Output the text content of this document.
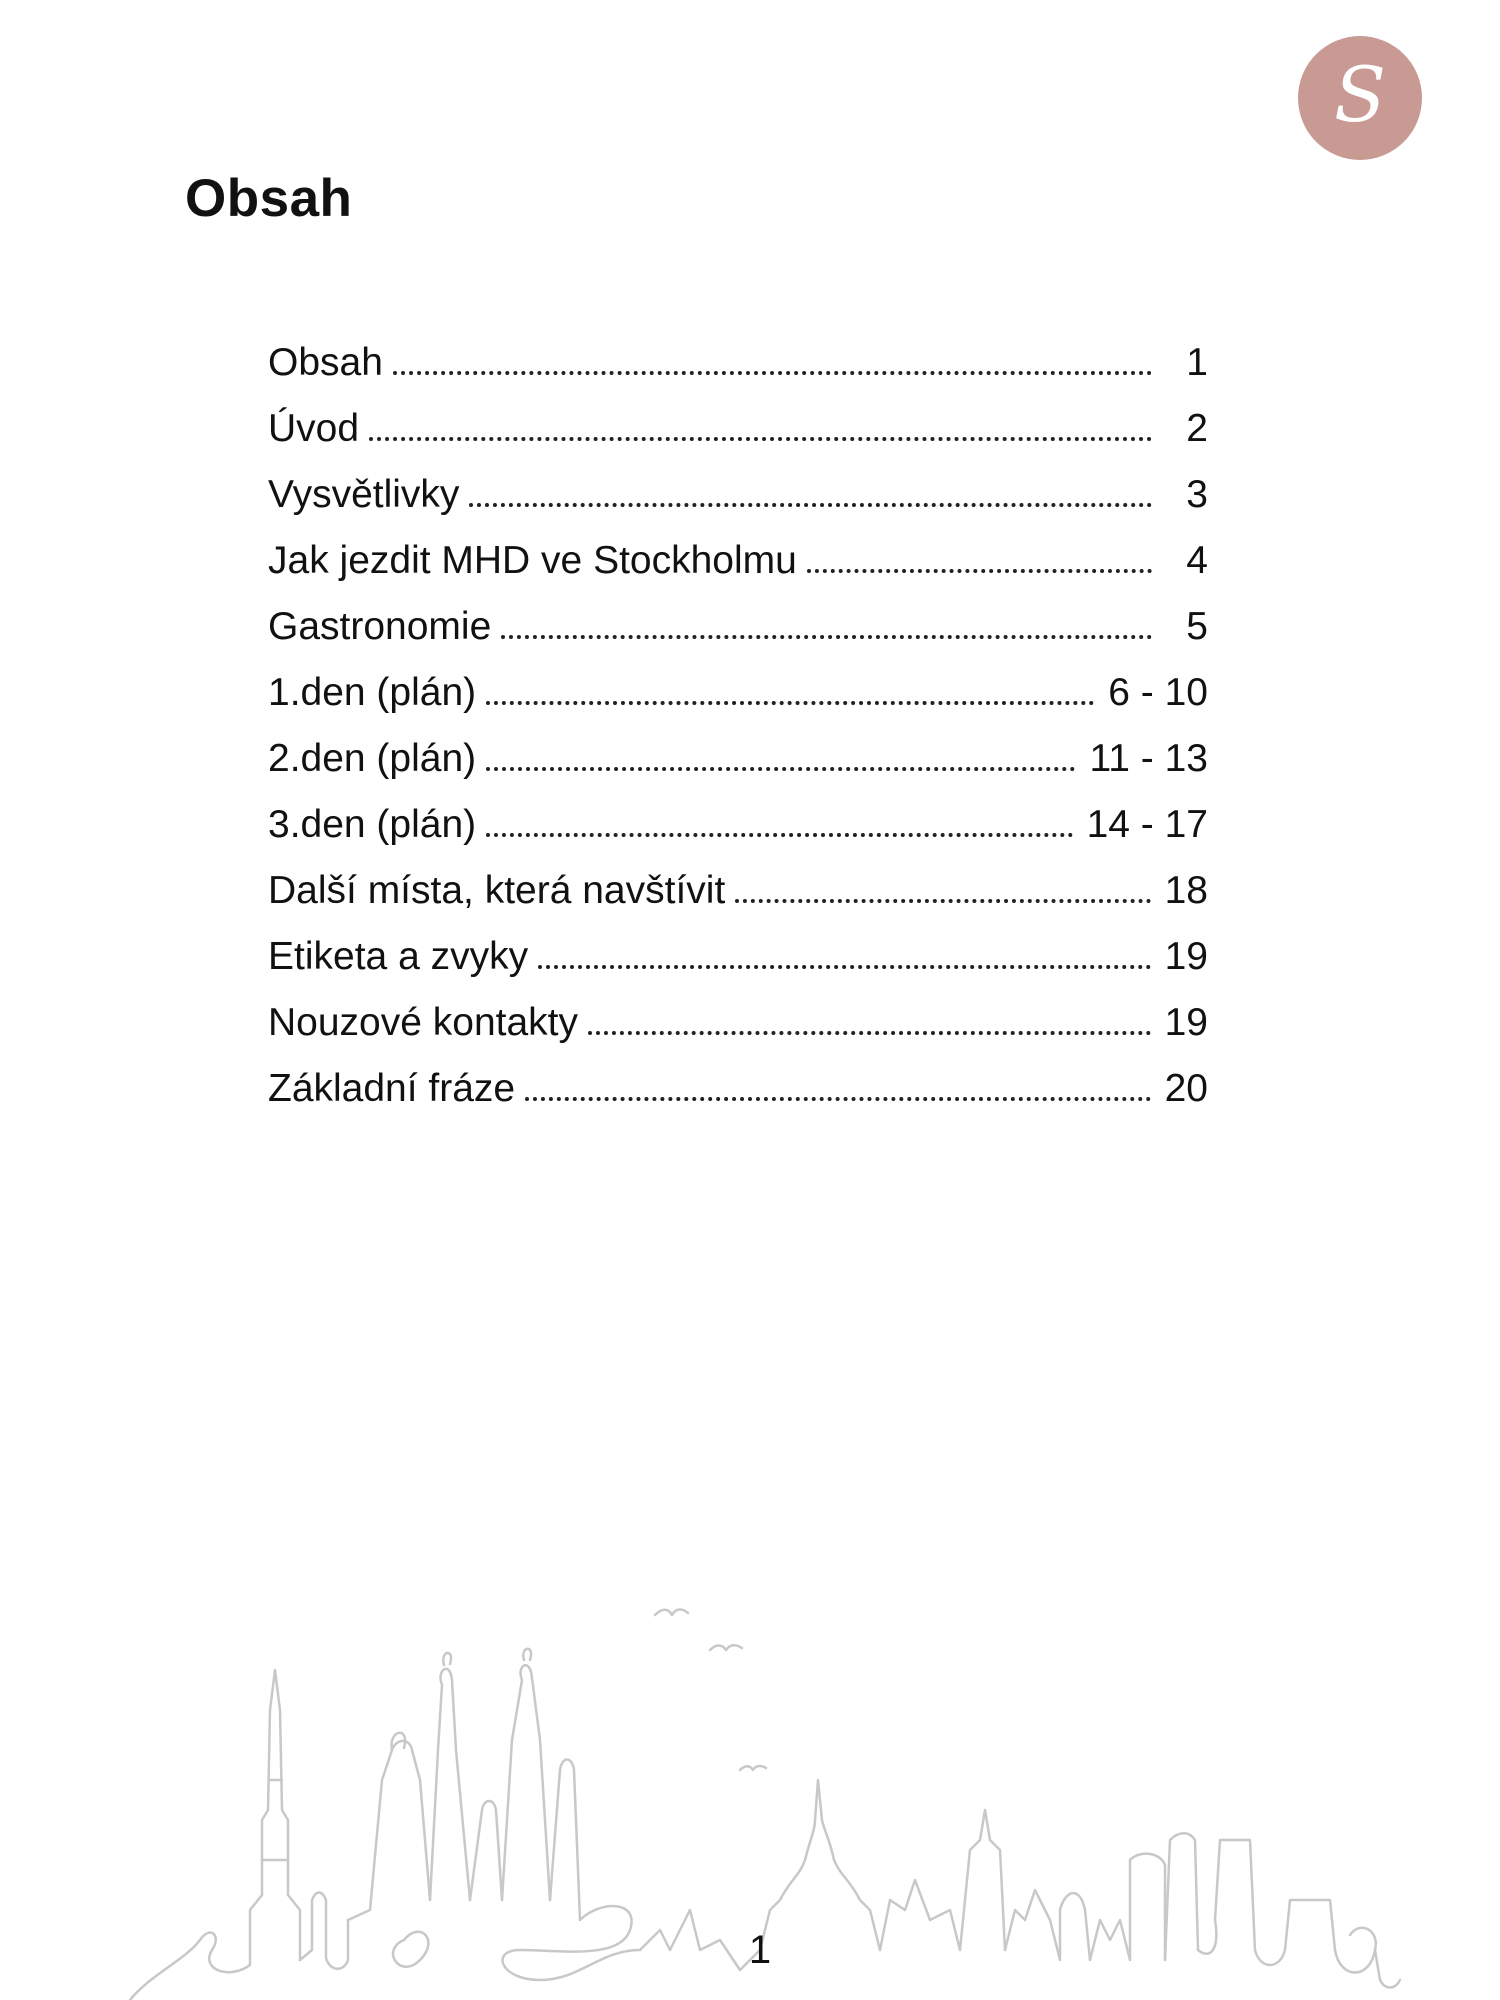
S
Obsah
Obsah	1
Úvod	2
Vysvětlivky	3
Jak jezdit MHD ve Stockholmu	4
Gastronomie	5
1.den (plán)	6 - 10
2.den (plán)	11 - 13
3.den (plán)	14 - 17
Další místa, která navštívit	18
Etiketa a zvyky	19
Nouzové kontakty	19
Základní fráze	20
1
